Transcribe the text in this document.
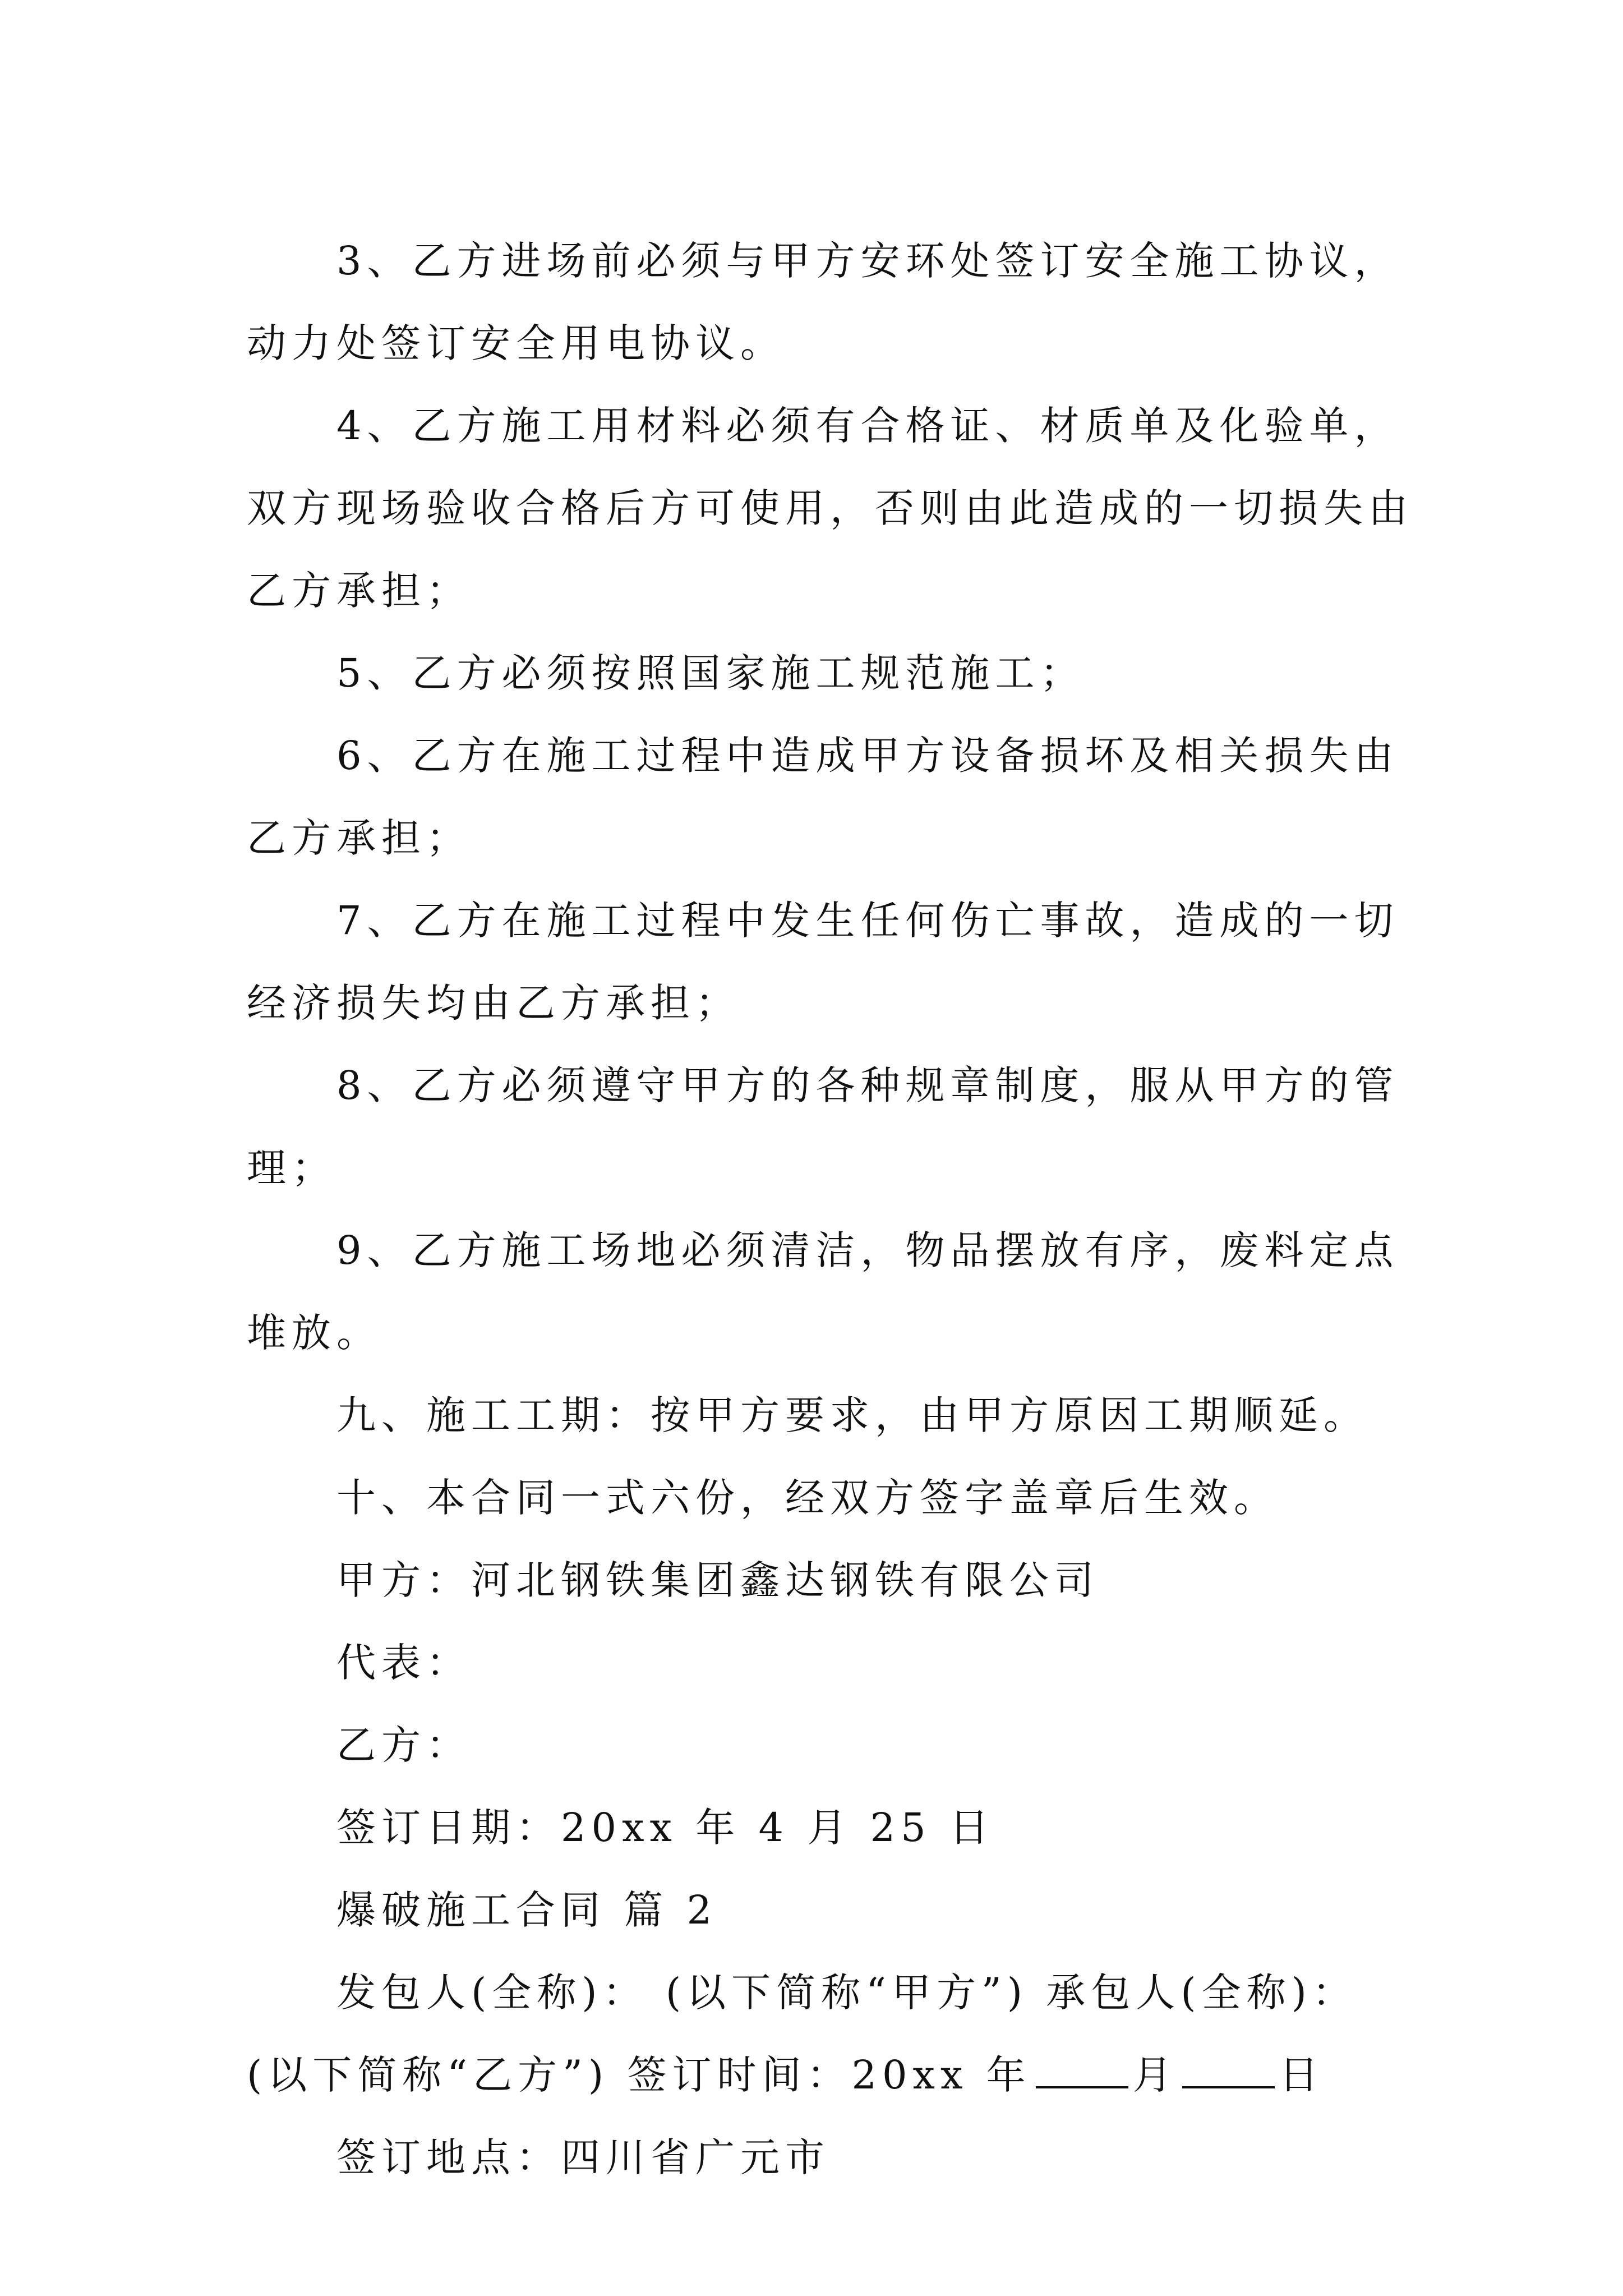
3、乙方进场前必须与甲方安环处签订安全施工协议，
动力处签订安全用电协议。
4、乙方施工用材料必须有合格证、材质单及化验单，
双方现场验收合格后方可使用，否则由此造成的一切损失由
乙方承担；
5、乙方必须按照国家施工规范施工；
6、乙方在施工过程中造成甲方设备损坏及相关损失由
乙方承担；
7、乙方在施工过程中发生任何伤亡事故，造成的一切
经济损失均由乙方承担；
8、乙方必须遵守甲方的各种规章制度，服从甲方的管
理；
9、乙方施工场地必须清洁，物品摆放有序，废料定点
堆放。
九、施工工期：按甲方要求，由甲方原因工期顺延。
十、本合同一式六份，经双方签字盖章后生效。
甲方：河北钢铁集团鑫达钢铁有限公司
代表：
乙方：
签订日期：20xx 年 4 月 25 日
爆破施工合同 篇 2
发包人(全称)： (以下简称“甲方”) 承包人(全称)：
(以下简称“乙方”) 签订时间：20xx 年	月	日
签订地点：四川省广元市
